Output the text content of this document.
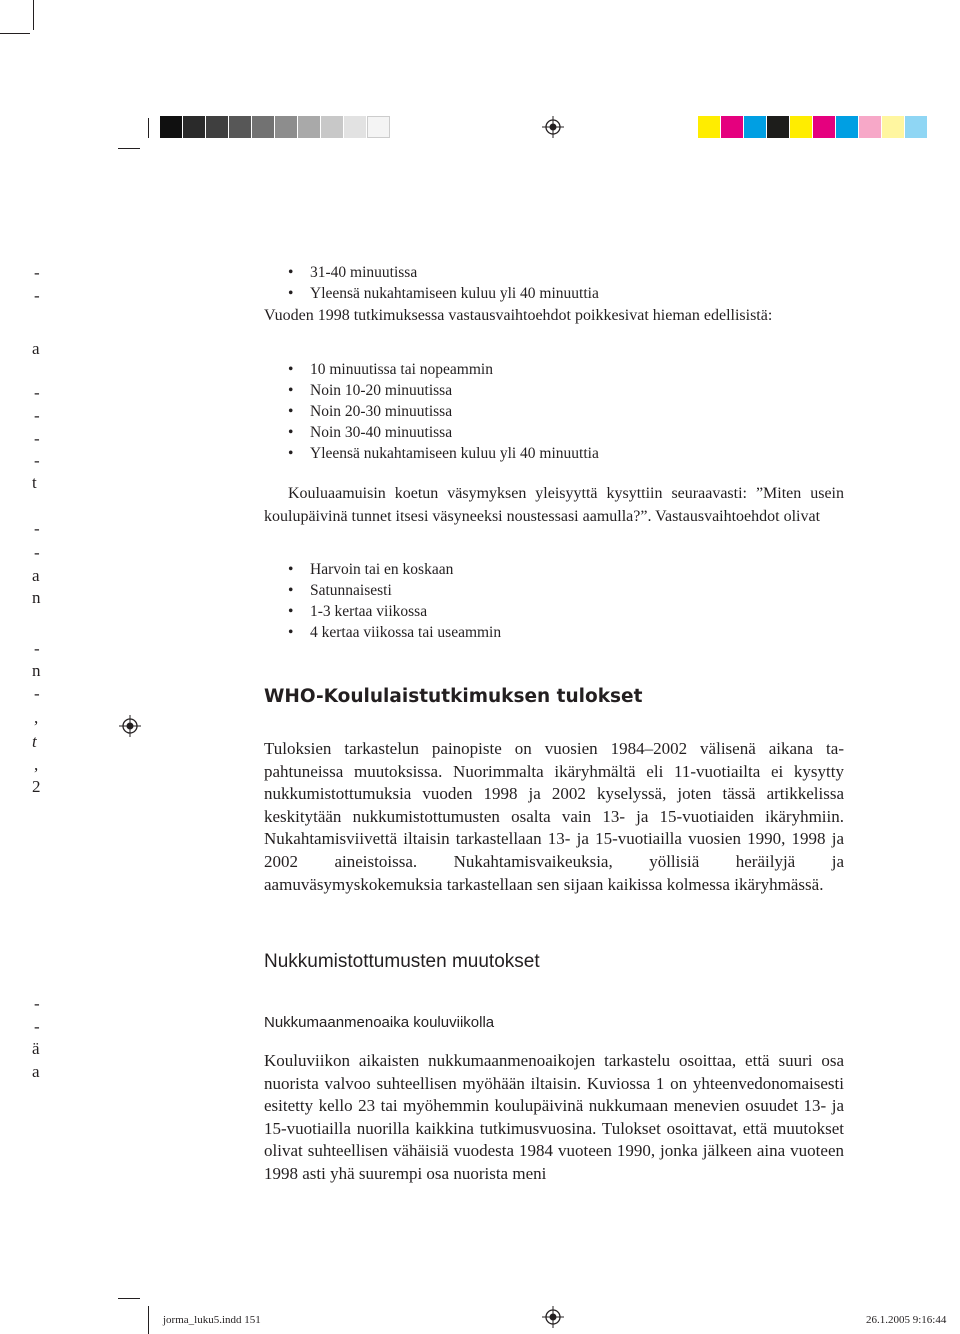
-
-
a
-
-
-
-
t
-
-
a
n
-
n
-
,
t
,
2
-
-
ä
a
• 31-40 minuutissa
• Yleensä nukahtamiseen kuluu yli 40 minuuttia
Vuoden 1998 tutkimuksessa vastausvaihtoehdot poikkesivat hieman edellisistä:
• 10 minuutissa tai nopeammin
• Noin 10-20 minuutissa
• Noin 20-30 minuutissa
• Noin 30-40 minuutissa
• Yleensä nukahtamiseen kuluu yli 40 minuuttia
Kouluaamuisin koetun väsymyksen yleisyyttä kysyttiin seuraavasti: ”Miten usein koulupäivinä tunnet itsesi väsyneeksi noustessasi aamulla?”. Vastausvaihtoehdot olivat
• Harvoin tai en koskaan
• Satunnaisesti
• 1-3 kertaa viikossa
• 4 kertaa viikossa tai useammin
WHO-Koululaistutkimuksen tulokset
Tuloksien tarkastelun painopiste on vuosien 1984–2002 välisenä aikana tapahtuneissa muutoksissa. Nuorimmalta ikäryhmältä eli 11-vuotiailta ei kysytty nukkumistottumuksia vuoden 1998 ja 2002 kyselyssä, joten tässä artikkelissa keskitytään nukkumistottumusten osalta vain 13- ja 15-vuotiaiden ikäryhmiin. Nukahtamisviivettä iltaisin tarkastellaan 13- ja 15-vuotiailla vuosien 1990, 1998 ja 2002 aineistoissa. Nukahtamisvaikeuksia, yöllisiä heräilyjä ja aamuväsymyskokemuksia tarkastellaan sen sijaan kaikissa kolmessa ikäryhmässä.
Nukkumistottumusten muutokset
Nukkumaanmenoaika kouluviikolla
Kouluviikon aikaisten nukkumaanmenoaikojen tarkastelu osoittaa, että suuri osa nuorista valvoo suhteellisen myöhään iltaisin. Kuviossa 1 on yhteenvedonomaisesti esitetty kello 23 tai myöhemmin koulupäivinä nukkumaan menevien osuudet 13- ja 15-vuotiailla nuorilla kaikkina tutkimusvuosina. Tulokset osoittavat, että muutokset olivat suhteellisen vähäisiä vuodesta 1984 vuoteen 1990, jonka jälkeen aina vuoteen 1998 asti yhä suurempi osa nuorista meni
jorma_luku5.indd 151	26.1.2005 9:16:44
